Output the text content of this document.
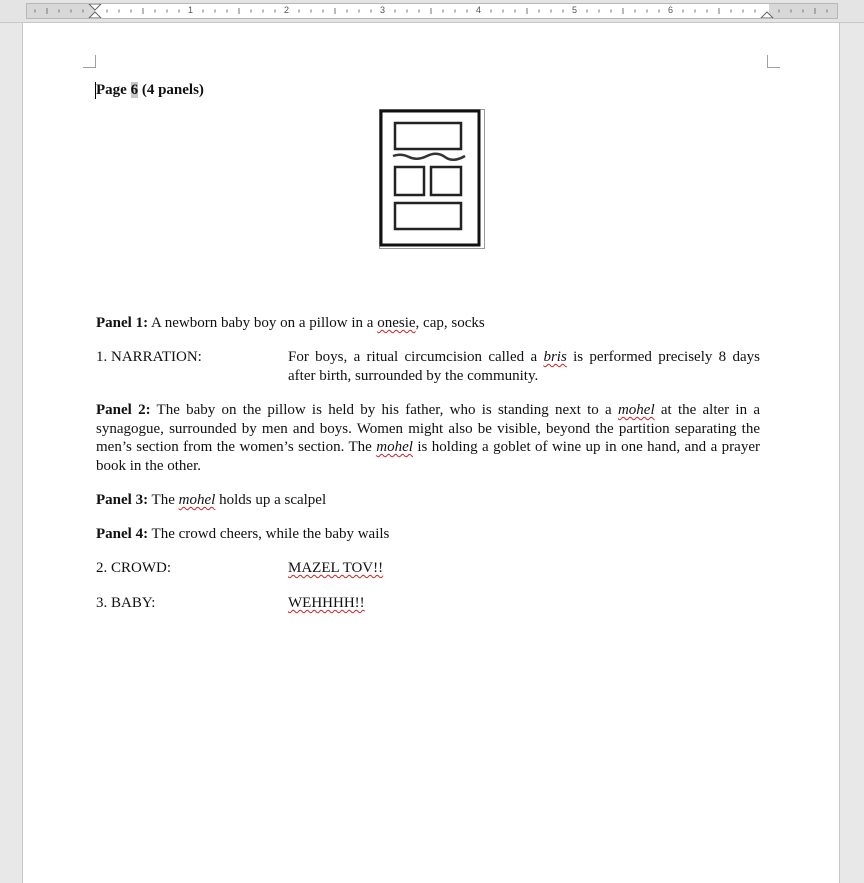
1	2	3	4	5	6

Page 6 (4 panels)

Panel 1: A newborn baby boy on a pillow in a onesie, cap, socks

1. NARRATION:	For boys, a ritual circumcision called a bris is performed precisely 8 days after birth, surrounded by the community.

Panel 2: The baby on the pillow is held by his father, who is standing next to a mohel at the alter in a synagogue, surrounded by men and boys. Women might also be visible, beyond the partition separating the men’s section from the women’s section. The mohel is holding a goblet of wine up in one hand, and a prayer book in the other.

Panel 3: The mohel holds up a scalpel

Panel 4: The crowd cheers, while the baby wails

2. CROWD:	MAZEL TOV!!
3. BABY:	WEHHHH!!
